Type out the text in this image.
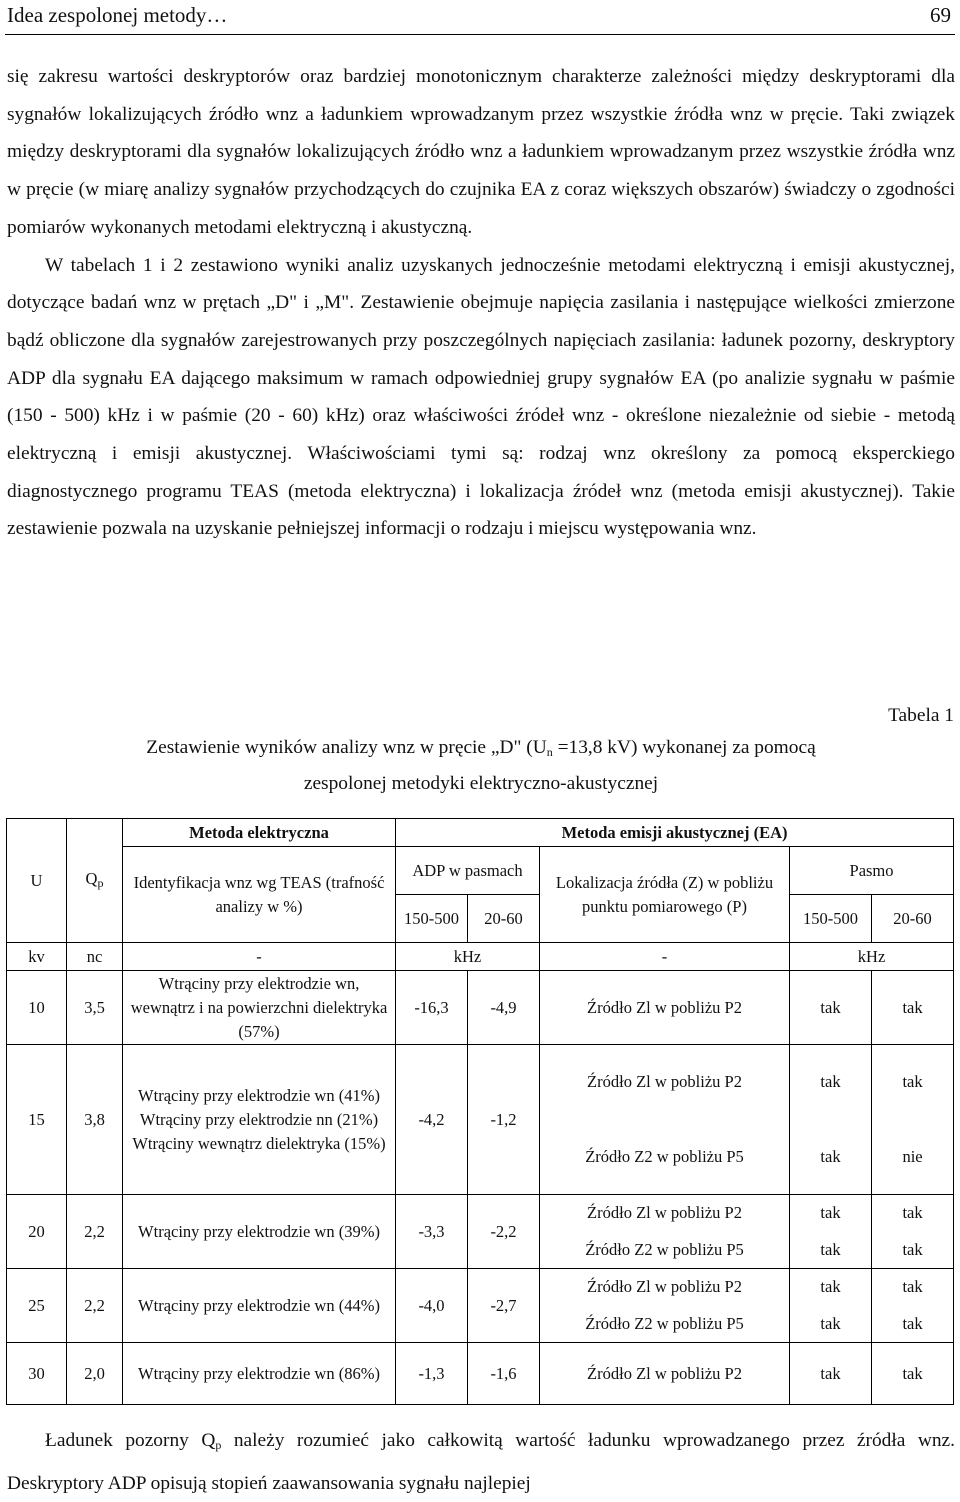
Idea zespolonej metody…	69

się zakresu wartości deskryptorów oraz bardziej monotonicznym charakterze zależności między deskryptorami dla sygnałów lokalizujących źródło wnz a ładunkiem wprowadzanym przez wszystkie źródła wnz w pręcie. Taki związek między deskryptorami dla sygnałów lokalizujących źródło wnz a ładunkiem wprowadzanym przez wszystkie źródła wnz w pręcie (w miarę analizy sygnałów przychodzących do czujnika EA z coraz większych obszarów) świadczy o zgodności pomiarów wykonanych metodami elektryczną i akustyczną.

W tabelach 1 i 2 zestawiono wyniki analiz uzyskanych jednocześnie metodami elektryczną i emisji akustycznej, dotyczące badań wnz w prętach „D" i „M". Zestawienie obejmuje napięcia zasilania i następujące wielkości zmierzone bądź obliczone dla sygnałów zarejestrowanych przy poszczególnych napięciach zasilania: ładunek pozorny, deskryptory ADP dla sygnału EA dającego maksimum w ramach odpowiedniej grupy sygnałów EA (po analizie sygnału w paśmie (150 - 500) kHz i w paśmie (20 - 60) kHz) oraz właściwości źródeł wnz - określone niezależnie od siebie - metodą elektryczną i emisji akustycznej. Właściwościami tymi są: rodzaj wnz określony za pomocą eksperckiego diagnostycznego programu TEAS (metoda elektryczna) i lokalizacja źródeł wnz (metoda emisji akustycznej). Takie zestawienie pozwala na uzyskanie pełniejszej informacji o rodzaju i miejscu występowania wnz.

Tabela 1
Zestawienie wyników analizy wnz w pręcie „D" ($U_n =13,8$ kV) wykonanej za pomocą
zespolonej metodyki elektryczno-akustycznej
U	$Q_p$	Metoda elektryczna	Metoda emisji akustycznej (EA)				
		Identyfikacja wnz wg TEAS (trafność analizy w %)	ADP w pasmach		Lokalizacja źródła (Z) w pobliżu punktu pomiarowego (P)	Pasmo	
			150-500	20-60		150-500	20-60
kv	nc	-	kHz		-	kHz	
10	3,5	Wtrąciny przy elektrodzie wn, wewnątrz i na powierzchni dielektryka (57%)	-16,3	-4,9	Źródło Zl w pobliżu P2	tak	tak
15	3,8	Wtrąciny przy elektrodzie wn (41%)
Wtrąciny przy elektrodzie nn (21%)
Wtrąciny wewnątrz dielektryka (15%)	-4,2	-1,2	Źródło Zl w pobliżu P2	tak	tak
					Źródło Z2 w pobliżu P5	tak	nie
20	2,2	Wtrąciny przy elektrodzie wn (39%)	-3,3	-2,2	Źródło Zl w pobliżu P2	tak	tak
					Źródło Z2 w pobliżu P5	tak	tak
25	2,2	Wtrąciny przy elektrodzie wn (44%)	-4,0	-2,7	Źródło Zl w pobliżu P2	tak	tak
					Źródło Z2 w pobliżu P5	tak	tak
30	2,0	Wtrąciny przy elektrodzie wn (86%)	-1,3	-1,6	Źródło Zl w pobliżu P2	tak	tak

Ładunek pozorny $Q_p$ należy rozumieć jako całkowitą wartość ładunku wprowadzanego przez źródła wnz. Deskryptory ADP opisują stopień zaawansowania sygnału najlepiej
